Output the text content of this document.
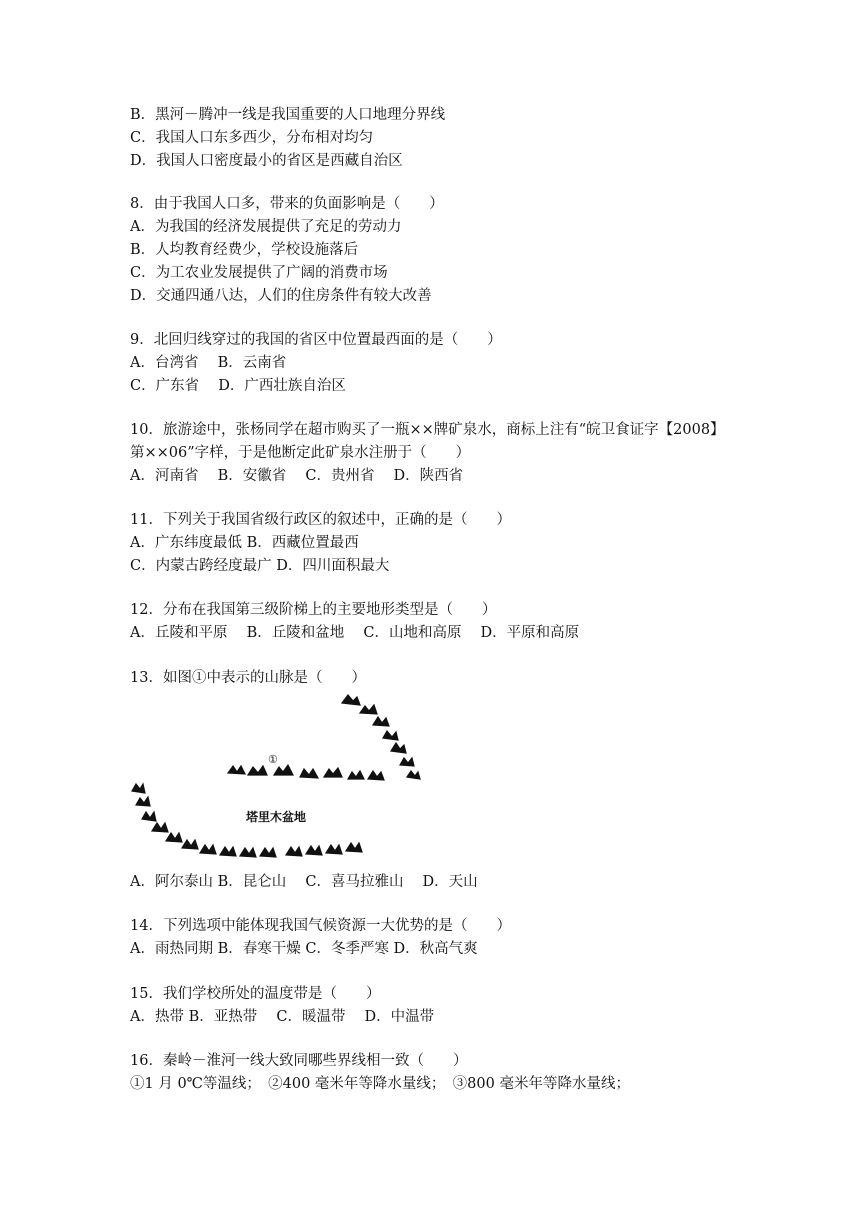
B．黑河－腾冲一线是我国重要的人口地理分界线
C．我国人口东多西少，分布相对均匀
D．我国人口密度最小的省区是西藏自治区
8．由于我国人口多，带来的负面影响是（　　）
A．为我国的经济发展提供了充足的劳动力
B．人均教育经费少，学校设施落后
C．为工农业发展提供了广阔的消费市场
D．交通四通八达，人们的住房条件有较大改善
9．北回归线穿过的我国的省区中位置最西面的是（　　）
A．台湾省　 B．云南省
C．广东省　 D．广西壮族自治区
10．旅游途中，张杨同学在超市购买了一瓶××牌矿泉水，商标上注有“皖卫食证字【2008】
第××06”字样，于是他断定此矿泉水注册于（　　）
A．河南省　 B．安徽省　 C．贵州省　 D．陕西省
11．下列关于我国省级行政区的叙述中，正确的是（　　）
A．广东纬度最低 B．西藏位置最西
C．内蒙古跨经度最广 D．四川面积最大
12．分布在我国第三级阶梯上的主要地形类型是（　　）
A．丘陵和平原　 B．丘陵和盆地　 C．山地和高原　 D．平原和高原
13．如图①中表示的山脉是（　　）
①
塔里木盆地
A．阿尔泰山 B．昆仑山　 C．喜马拉雅山　 D．天山
14．下列选项中能体现我国气候资源一大优势的是（　　）
A．雨热同期 B．春寒干燥 C．冬季严寒 D．秋高气爽
15．我们学校所处的温度带是（　　）
A．热带 B．亚热带　 C．暖温带　 D．中温带
16．秦岭－淮河一线大致同哪些界线相一致（　　）
①1 月 0℃等温线；　②400 毫米年等降水量线；　③800 毫米年等降水量线；
